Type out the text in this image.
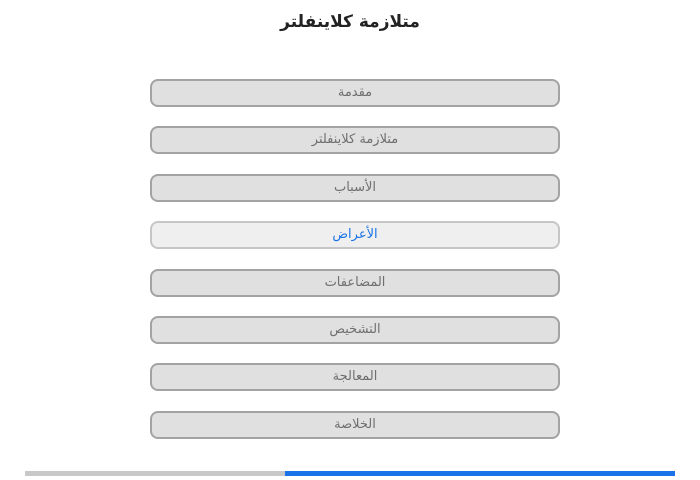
متلازمة كلاينفلتر
مقدمة
متلازمة كلاينفلتر
الأسباب
الأعراض
المضاعفات
التشخيص
المعالجة
الخلاصة
